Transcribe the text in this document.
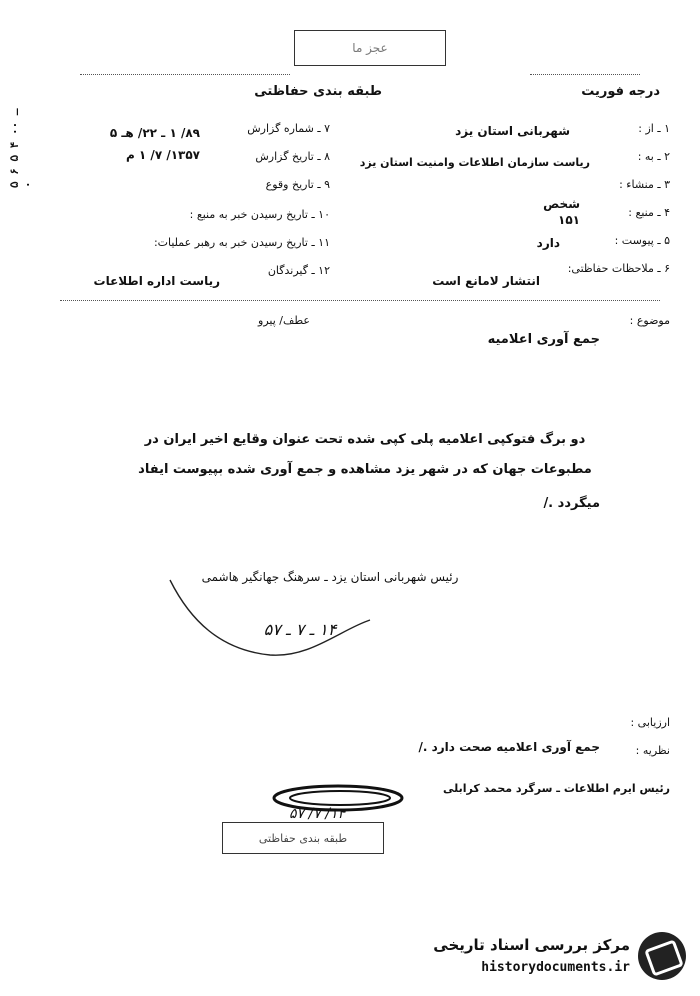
عجز ما
طبقه بندی حفاظتی	درجه فوریت
۵ ـ ۰۰ ۴ ۵ ۶ ۰
۱ ـ از :
شهربانی استان یزد
۲ ـ به :
ریاست سازمان اطلاعات وامنیت استان یزد
۳ ـ منشاء :
۴ ـ منبع :
شخص ۱۵۱
۵ ـ پیوست :
دارد
۶ ـ ملاحظات حفاظتی:
انتشار لامانع است
۷ ـ شماره گزارش
۸۹/ ۱ ـ ۲۲/ هـ ۵
۸ ـ تاریخ گزارش
۱۳۵۷/ ۷/ ۱ م
۹ ـ تاریخ وقوع
۱۰ ـ تاریخ رسیدن خبر به منبع :
۱۱ ـ تاریخ رسیدن خبر به رهبر عملیات:
۱۲ ـ گیرندگان
ریاست اداره اطلاعات
موضوع :
عطف/ پیرو
جمع آوری اعلامیه
دو برگ فتوکپی اعلامیه پلی کپی شده تحت عنوان وقایع اخیر ایران در
مطبوعات جهان که در شهر یزد مشاهده و جمع آوری شده بپیوست ایفاد
میگردد ./
رئیس شهربانی استان یزد ـ سرهنگ جهانگیر هاشمی
۱۴ ـ ۷ ـ ۵۷
ارزیابی :
نظریه :
جمع آوری اعلامیه صحت دارد ./
رئیس ایرم اطلاعات ـ سرگرد محمد کرابلی
۱۴/ ۷/ ۵۷
طبقه بندی حفاظتی
مرکز بررسی اسناد تاریخی
historydocuments.ir
